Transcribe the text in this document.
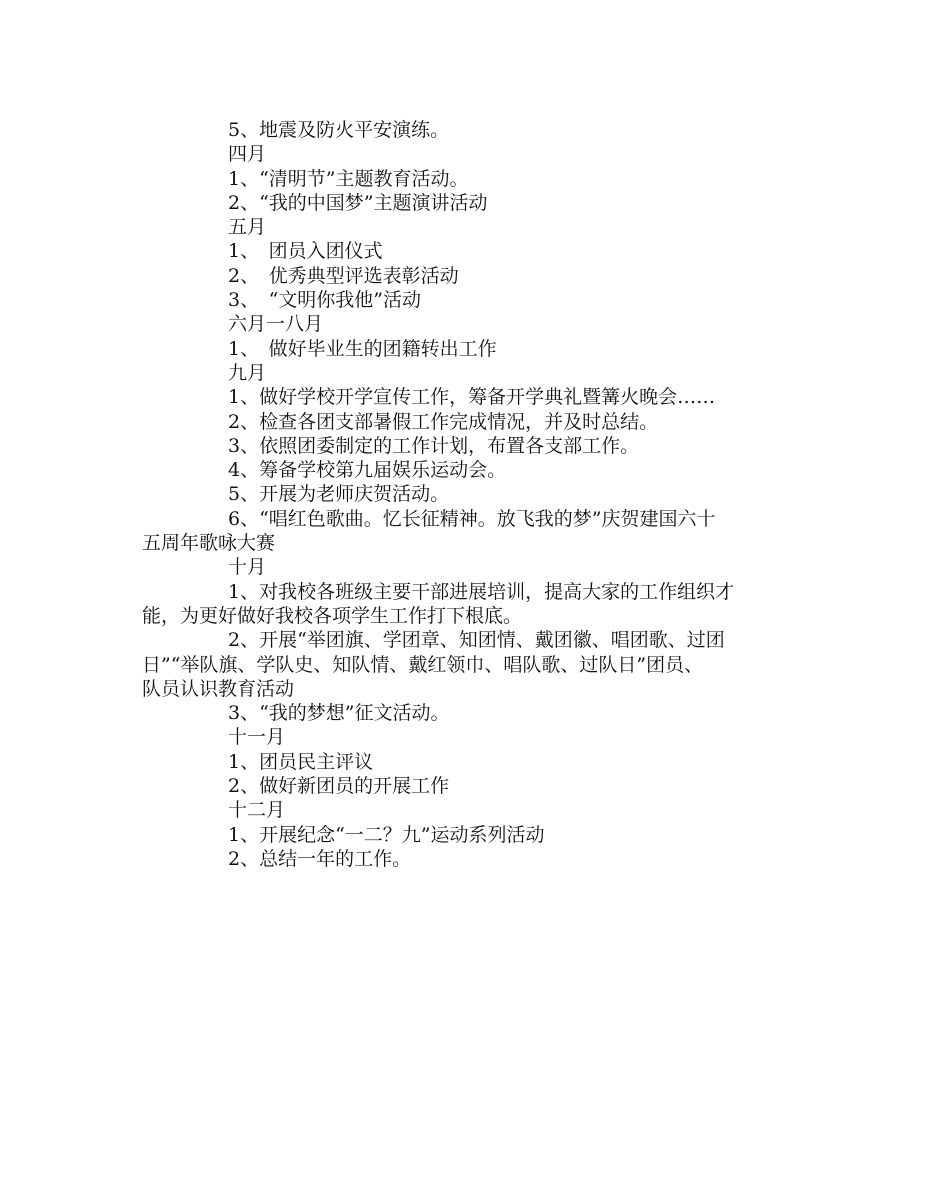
5、地震及防火平安演练。
四月
1、“清明节”主题教育活动。
2、“我的中国梦”主题演讲活动
五月
1、　团员入团仪式
2、　优秀典型评选表彰活动
3、　“文明你我他”活动
六月一八月
1、　做好毕业生的团籍转出工作
九月
1、做好学校开学宣传工作，筹备开学典礼暨篝火晚会……
2、检查各团支部暑假工作完成情况，并及时总结。
3、依照团委制定的工作计划，布置各支部工作。
4、筹备学校第九届娱乐运动会。
5、开展为老师庆贺活动。
6、“唱红色歌曲。忆长征精神。放飞我的梦”庆贺建国六十
五周年歌咏大赛
十月
1、对我校各班级主要干部进展培训，提高大家的工作组织才
能，为更好做好我校各项学生工作打下根底。
2、开展“举团旗、学团章、知团情、戴团徽、唱团歌、过团
日”“举队旗、学队史、知队情、戴红领巾、唱队歌、过队日”团员、
队员认识教育活动
3、“我的梦想”征文活动。
十一月
1、团员民主评议
2、做好新团员的开展工作
十二月
1、开展纪念“一二？九”运动系列活动
2、总结一年的工作。
